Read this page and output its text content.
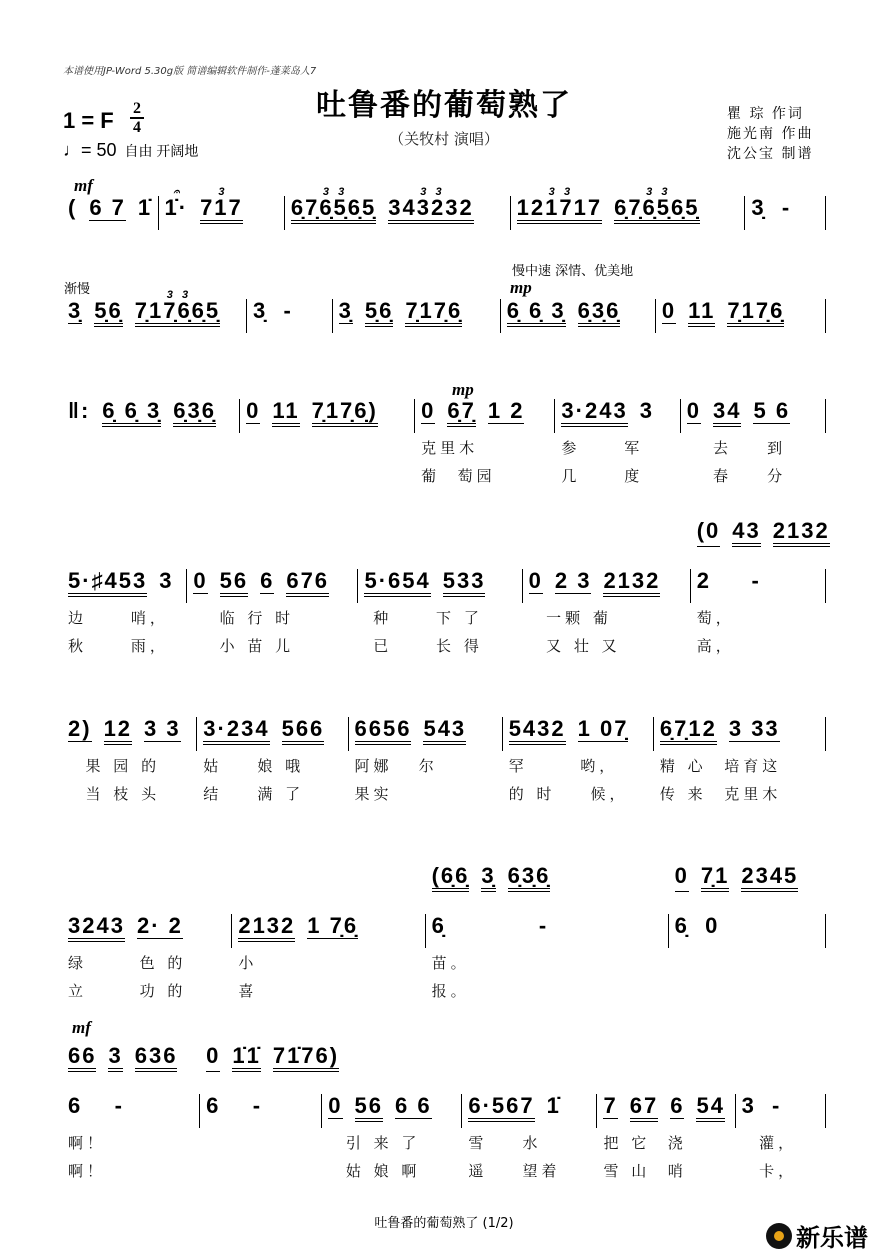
本谱使用JP-Word 5.30g版 简谱编辑软件制作-蓬莱岛人7
吐鲁番的葡萄熟了
（关牧村 演唱）
1 = F 2
4
♩= 50 自由 开阔地
瞿 琮 作词
施光南 作曲
沈公宝 制谱
mf
渐慢
慢中速 深情、优美地
mp
mp
mf
( 6 7 1̇ 1̇·
𝄐
717
3
6̣7̣6̣5̣6̣5̣
3   3
343232
3   3
121717
3   3
6̣7̣6̣5̣6̣5̣
3   3
3̣  -
3̣ 5̣6̣ 7̣17̣6̣6̣5̣
3   3
3̣  - 3̣ 5̣6̣ 7̣17̣6̣ 6̣ 6̣ 3̣ 6̣3̣6̣ 0 11 7̣17̣6̣
‖: 6̣ 6̣ 3̣ 6̣3̣6̣ 0 11 7̣17̣6̣) 0 6̣7̣ 1 2
克里木
葡  萄园
3·243 3
参     军
几     度
0 34 5 6
去    到
春    分
5·♯453 3
边     哨，
秋     雨，
0 56 6 676
临 行 时
小 苗 儿
5·654 533
种     下 了
已     长 得
0 2 3 2132
一颗 葡
又 壮 又
2     -
(0 43 2132
萄，
高，
2) 12 3 3
果 园 的
当 枝 头
3·234 566
姑    娘 哦
结    满 了
6656 543
阿娜   尔
果实
5432 1 07̣
罕      哟，
的 时    候，
6̣7̣12 3 33
精 心  培育这
传 来  克里木
3243 2· 2
绿      色 的
立      功 的
2132 1 7̣6̣
小
喜
6̣ -
(6̣6̣ 3̣ 6̣3̣6̣
苗。
报。
6̣  0
0 7̣1 2345
6    -
66 3 636
啊！
啊！
6    -
0 1̇1̇ 71̇76)
0 56 6 6
引 来 了
姑 娘 啊
6·567 1̇
雪    水
遥    望着
7 67 6 54
把 它  浇
雪 山  哨
3  -
灌，
卡，
吐鲁番的葡萄熟了 (1/2)
新乐谱
